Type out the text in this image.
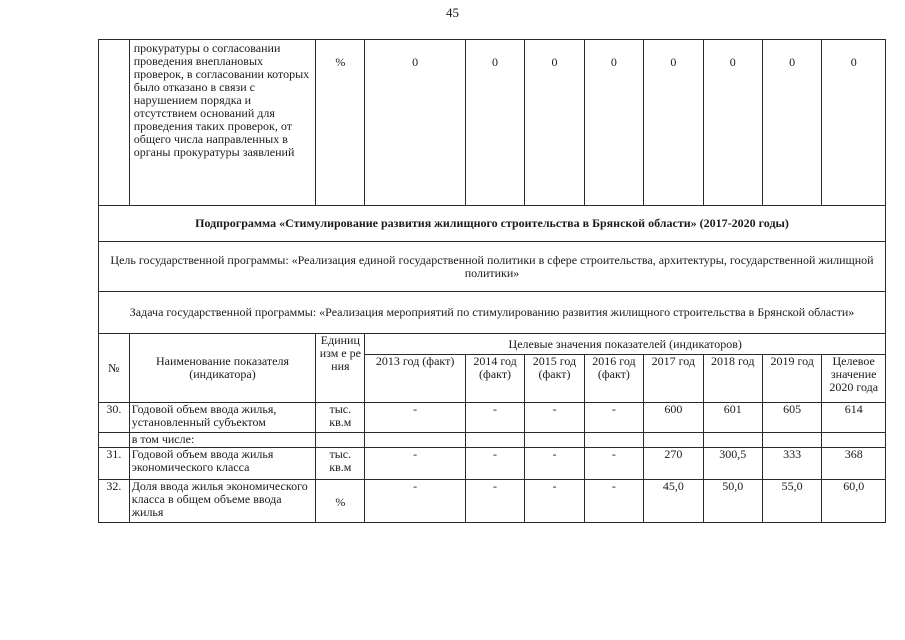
45
	прокуратуры о согласовании проведения внеплановых проверок, в согласовании которых было отказано в связи с нарушением порядка и отсутствием оснований для проведения таких проверок, от общего числа направленных в органы прокуратуры заявлений	%	0	0	0	0	0	0	0	0
Подпрограмма «Стимулирование развития жилищного строительства в Брянской области» (2017-2020 годы)										
Цель государственной программы: «Реализация единой государственной политики в сфере строительства, архитектуры, государственной жилищной политики»										
Задача государственной программы: «Реализация мероприятий по стимулированию развития жилищного строительства в Брянской области»										
№	Наименование показателя (индикатора)	Единицизм е рения	Целевые значения показателей (индикаторов)							
			2013 год (факт)	2014 год (факт)	2015 год (факт)	2016 год (факт)	2017 год	2018 год	2019 год	Целевое значение 2020 года
30.	Годовой объем ввода жилья, установленный субъектом	тыс. кв.м	-	-	-	-	600	601	605	614
	в том числе:									
31.	Годовой объем ввода жилья экономического класса	тыс. кв.м	-	-	-	-	270	300,5	333	368
32.	Доля ввода жилья экономического класса в общем объеме ввода жилья	%	-	-	-	-	45,0	50,0	55,0	60,0
